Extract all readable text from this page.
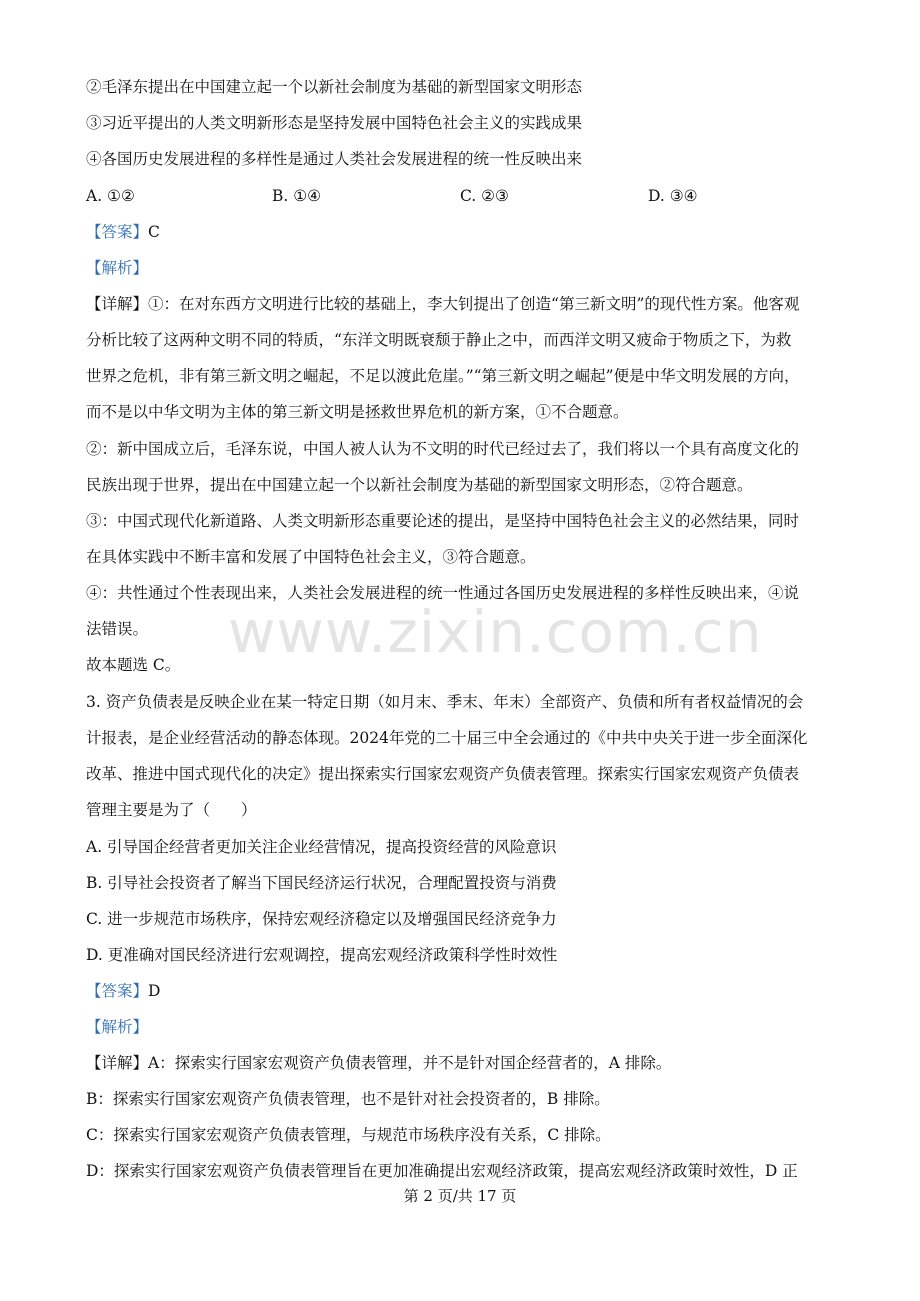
②毛泽东提出在中国建立起一个以新社会制度为基础的新型国家文明形态
③习近平提出的人类文明新形态是坚持发展中国特色社会主义的实践成果
④各国历史发展进程的多样性是通过人类社会发展进程的统一性反映出来
A. ①②	B. ①④	C. ②③	D. ③④
【答案】C
【解析】
【详解】①：在对东西方文明进行比较的基础上，李大钊提出了创造“第三新文明”的现代性方案。他客观
分析比较了这两种文明不同的特质，“东洋文明既衰颓于静止之中，而西洋文明又疲命于物质之下，为救
世界之危机，非有第三新文明之崛起，不足以渡此危崖。”“第三新文明之崛起”便是中华文明发展的方向，
而不是以中华文明为主体的第三新文明是拯救世界危机的新方案，①不合题意。
②：新中国成立后，毛泽东说，中国人被人认为不文明的时代已经过去了，我们将以一个具有高度文化的
民族出现于世界，提出在中国建立起一个以新社会制度为基础的新型国家文明形态，②符合题意。
③：中国式现代化新道路、人类文明新形态重要论述的提出，是坚持中国特色社会主义的必然结果，同时
在具体实践中不断丰富和发展了中国特色社会主义，③符合题意。
④：共性通过个性表现出来，人类社会发展进程的统一性通过各国历史发展进程的多样性反映出来，④说
法错误。
故本题选 C。
3. 资产负债表是反映企业在某一特定日期（如月末、季末、年末）全部资产、负债和所有者权益情况的会
计报表，是企业经营活动的静态体现。2024年党的二十届三中全会通过的《中共中央关于进一步全面深化
改革、推进中国式现代化的决定》提出探索实行国家宏观资产负债表管理。探索实行国家宏观资产负债表
管理主要是为了（　　）
A. 引导国企经营者更加关注企业经营情况，提高投资经营的风险意识
B. 引导社会投资者了解当下国民经济运行状况，合理配置投资与消费
C. 进一步规范市场秩序，保持宏观经济稳定以及增强国民经济竞争力
D. 更准确对国民经济进行宏观调控，提高宏观经济政策科学性时效性
【答案】D
【解析】
【详解】A：探索实行国家宏观资产负债表管理，并不是针对国企经营者的，A 排除。
B：探索实行国家宏观资产负债表管理，也不是针对社会投资者的，B 排除。
C：探索实行国家宏观资产负债表管理，与规范市场秩序没有关系，C 排除。
D：探索实行国家宏观资产负债表管理旨在更加准确提出宏观经济政策，提高宏观经济政策时效性，D 正
www.zixin.com.cn
第 2 页/共 17 页
